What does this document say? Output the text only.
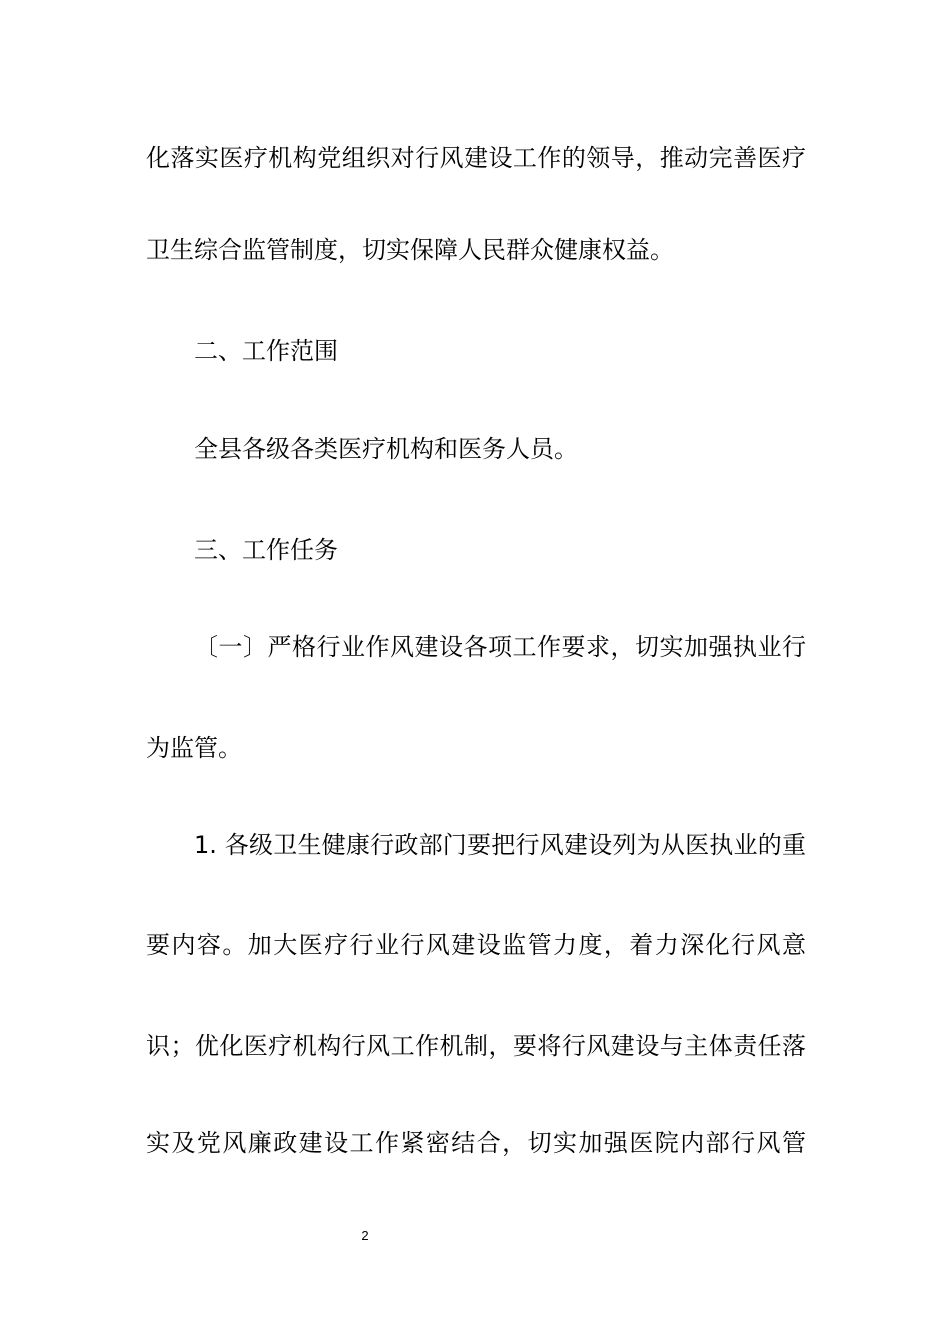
化落实医疗机构党组织对行风建设工作的领导，推动完善医疗
卫生综合监管制度，切实保障人民群众健康权益。
二、工作范围
全县各级各类医疗机构和医务人员。
三、工作任务
〔一〕严格行业作风建设各项工作要求，切实加强执业行
为监管。
1. 各级卫生健康行政部门要把行风建设列为从医执业的重
要内容。加大医疗行业行风建设监管力度，着力深化行风意
识；优化医疗机构行风工作机制，要将行风建设与主体责任落
实及党风廉政建设工作紧密结合，切实加强医院内部行风管
2
